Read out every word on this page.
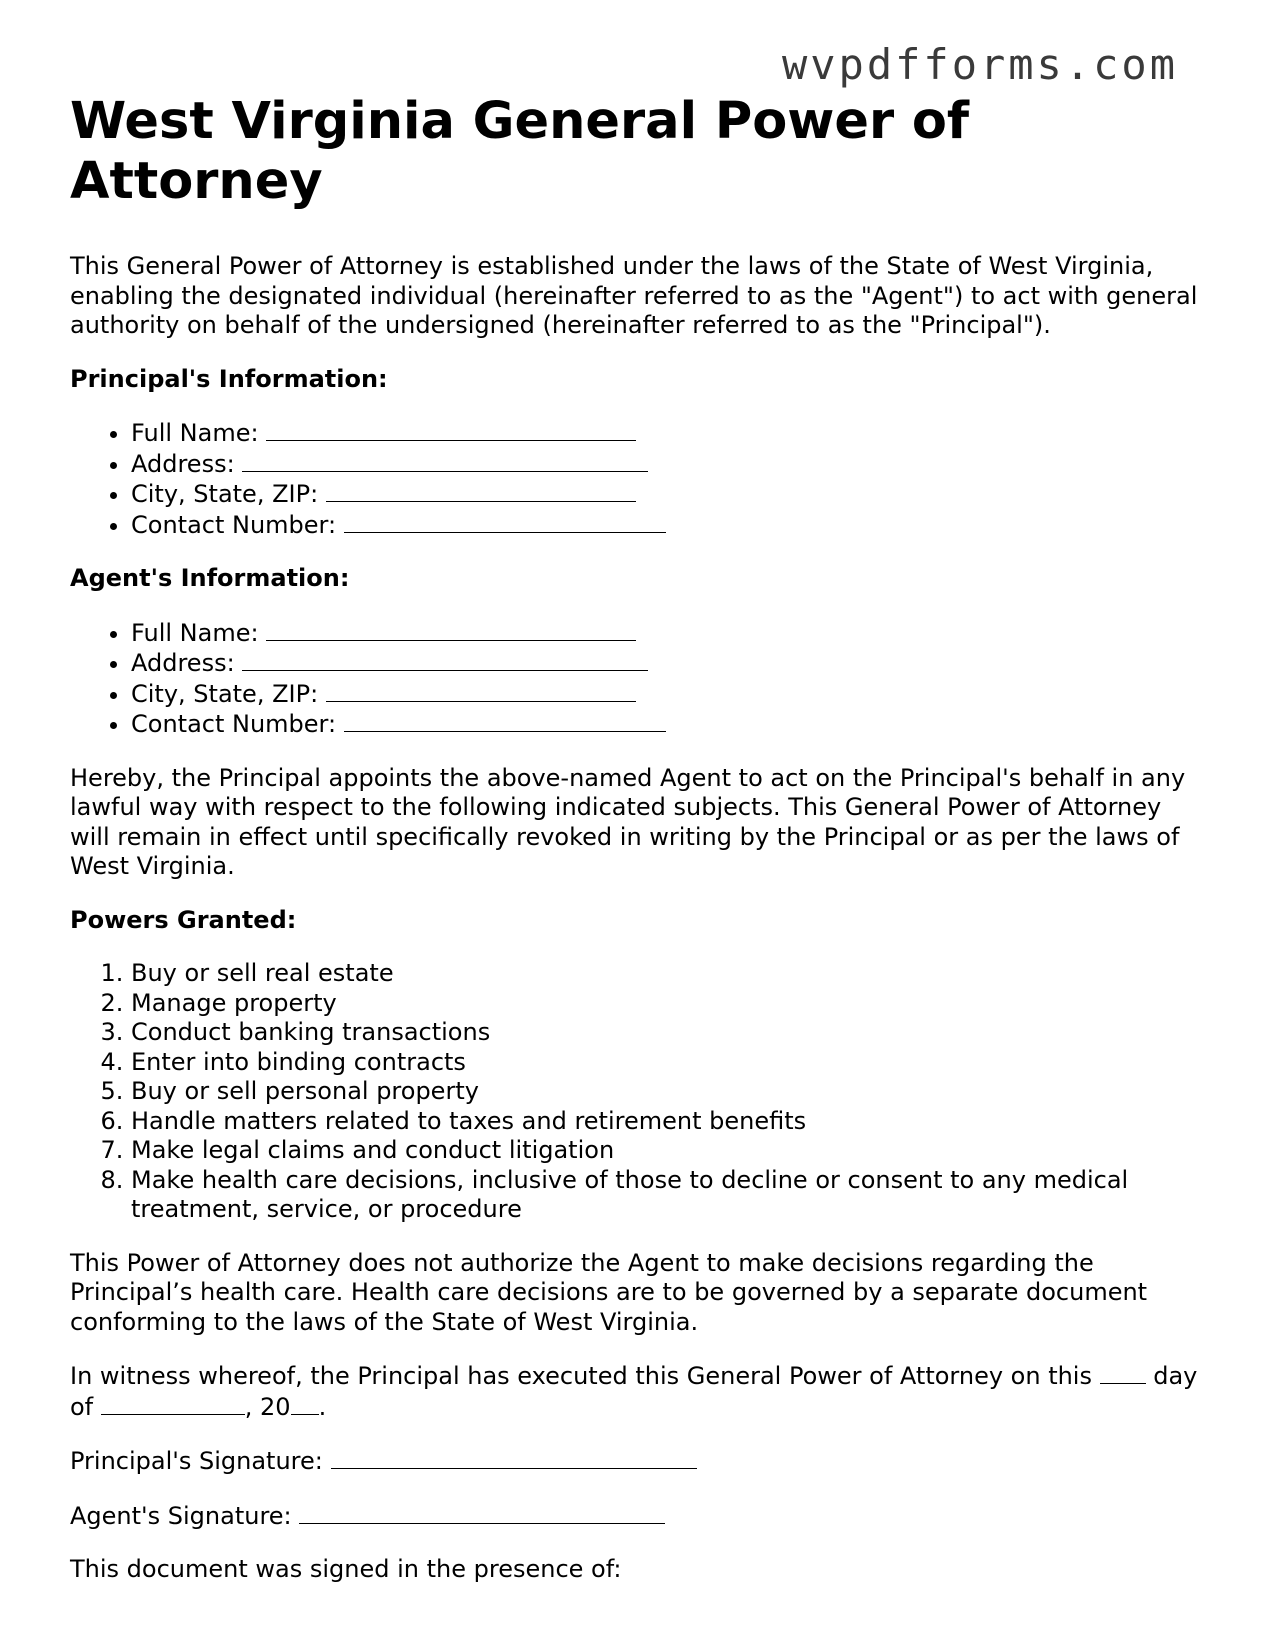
wvpdfforms.com
West Virginia General Power of Attorney

This General Power of Attorney is established under the laws of the State of West Virginia, enabling the designated individual (hereinafter referred to as the "Agent") to act with general authority on behalf of the undersigned (hereinafter referred to as the "Principal").

Principal's Information:
• Full Name:
• Address:
• City, State, ZIP:
• Contact Number:
Agent's Information:
• Full Name:
• Address:
• City, State, ZIP:
• Contact Number:

Hereby, the Principal appoints the above-named Agent to act on the Principal's behalf in any lawful way with respect to the following indicated subjects. This General Power of Attorney will remain in effect until specifically revoked in writing by the Principal or as per the laws of West Virginia.

Powers Granted:
1. Buy or sell real estate
2. Manage property
3. Conduct banking transactions
4. Enter into binding contracts
5. Buy or sell personal property
6. Handle matters related to taxes and retirement benefits
7. Make legal claims and conduct litigation
8. Make health care decisions, inclusive of those to decline or consent to any medical treatment, service, or procedure

This Power of Attorney does not authorize the Agent to make decisions regarding the Principal’s health care. Health care decisions are to be governed by a separate document conforming to the laws of the State of West Virginia.

In witness whereof, the Principal has executed this General Power of Attorney on this  day of	, 20 .

Principal's Signature:

Agent's Signature:

This document was signed in the presence of:
